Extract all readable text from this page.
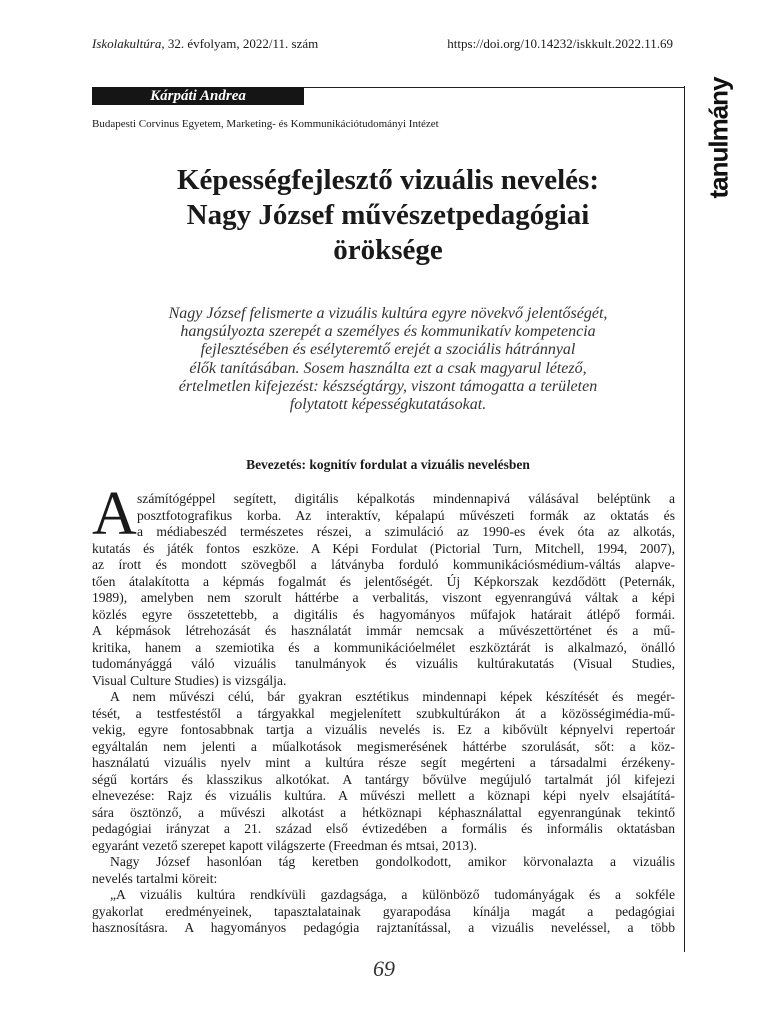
Iskolakultúra, 32. évfolyam, 2022/11. szám	https://doi.org/10.14232/iskkult.2022.11.69
Kárpáti Andrea	tanulmány
Budapesti Corvinus Egyetem, Marketing- és Kommunikációtudományi Intézet
Képességfejlesztő vizuális nevelés:
Nagy József művészetpedagógiai
öröksége
Nagy József felismerte a vizuális kultúra egyre növekvő jelentőségét,
hangsúlyozta szerepét a személyes és kommunikatív kompetencia
fejlesztésében és esélyteremtő erejét a szociális hátránnyal
élők tanításában. Sosem használta ezt a csak magyarul létező,
értelmetlen kifejezést: készségtárgy, viszont támogatta a területen
folytatott képességkutatásokat.
Bevezetés: kognitív fordulat a vizuális nevelésben
A számítógéppel segített, digitális képalkotás mindennapivá válásával beléptünk a
posztfotografikus korba. Az interaktív, képalapú művészeti formák az oktatás és
a médiabeszéd természetes részei, a szimuláció az 1990-es évek óta az alkotás,
kutatás és játék fontos eszköze. A Képi Fordulat (Pictorial Turn, Mitchell, 1994, 2007),
az írott és mondott szövegből a látványba forduló kommunikációsmédium-váltás alapve-
tően átalakította a képmás fogalmát és jelentőségét. Új Képkorszak kezdődött (Peternák,
1989), amelyben nem szorult háttérbe a verbalitás, viszont egyenrangúvá váltak a képi
közlés egyre összetettebb, a digitális és hagyományos műfajok határait átlépő formái.
A képmások létrehozását és használatát immár nemcsak a művészettörténet és a mű-
kritika, hanem a szemiotika és a kommunikációelmélet eszköztárát is alkalmazó, önálló
tudományággá váló vizuális tanulmányok és vizuális kultúrakutatás (Visual Studies,
Visual Culture Studies) is vizsgálja.
A nem művészi célú, bár gyakran esztétikus mindennapi képek készítését és megér-
tését, a testfestéstől a tárgyakkal megjelenített szubkultúrákon át a közösségimédia-mű-
vekig, egyre fontosabbnak tartja a vizuális nevelés is. Ez a kibővült képnyelvi repertoár
egyáltalán nem jelenti a műalkotások megismerésének háttérbe szorulását, sőt: a köz-
használatú vizuális nyelv mint a kultúra része segít megérteni a társadalmi érzékeny-
ségű kortárs és klasszikus alkotókat. A tantárgy bővülve megújuló tartalmát jól kifejezi
elnevezése: Rajz és vizuális kultúra. A művészi mellett a köznapi képi nyelv elsajátítá-
sára ösztönző, a művészi alkotást a hétköznapi képhasználattal egyenrangúnak tekintő
pedagógiai irányzat a 21. század első évtizedében a formális és informális oktatásban
egyaránt vezető szerepet kapott világszerte (Freedman és mtsai, 2013).
Nagy József hasonlóan tág keretben gondolkodott, amikor körvonalazta a vizuális
nevelés tartalmi köreit:
„A vizuális kultúra rendkívüli gazdagsága, a különböző tudományágak és a sokféle
gyakorlat eredményeinek, tapasztalatainak gyarapodása kínálja magát a pedagógiai
hasznosításra. A hagyományos pedagógia rajztanítással, a vizuális neveléssel, a több
69
